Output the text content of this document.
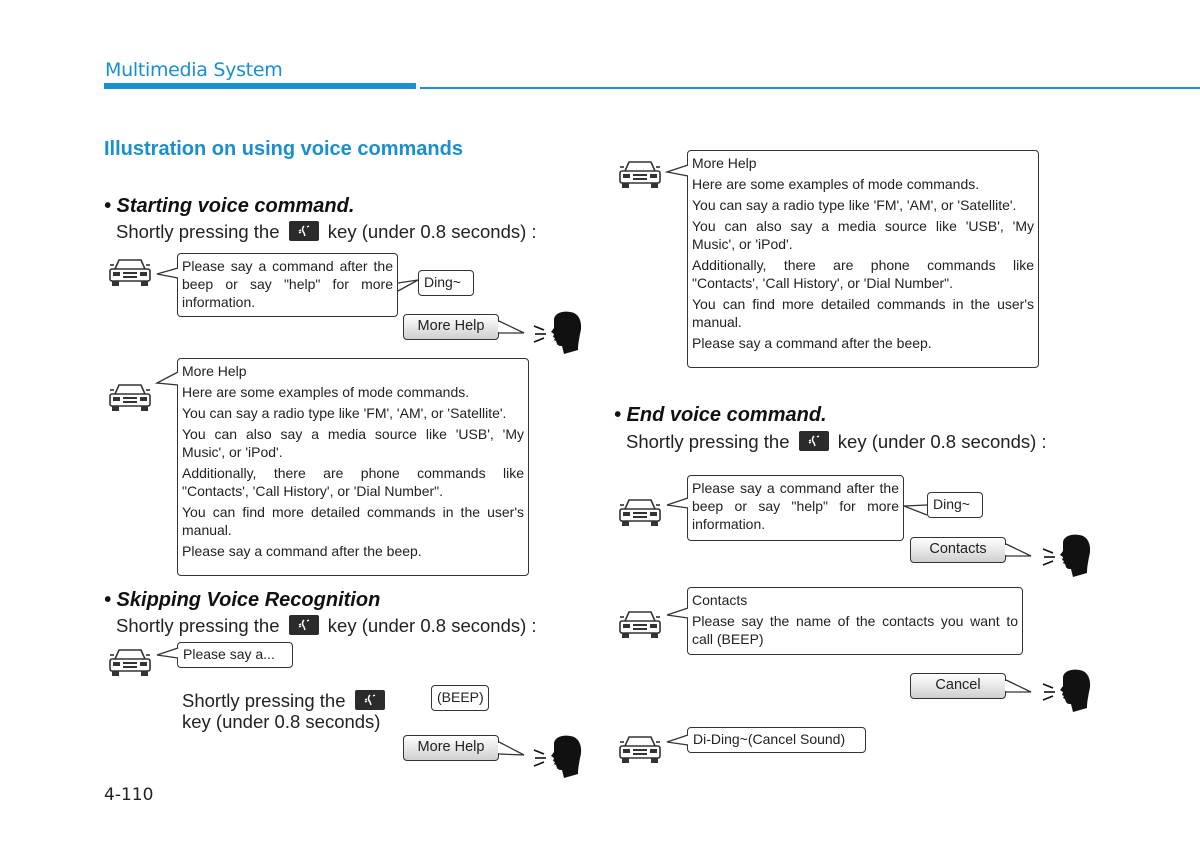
Multimedia System
Illustration on using voice commands
• Starting voice command.
Shortly pressing the	key (under 0.8 seconds) :

Please say a command after the beep or say "help" for more information.

Ding~
More Help

More Help

Here are some examples of mode commands.

You can say a radio type like 'FM', 'AM', or 'Satellite'.

You can also say a media source like 'USB', 'My Music', or 'iPod'.

Additionally, there are phone commands like "Contacts', 'Call History', or 'Dial Number".

You can find more detailed commands in the user's manual.

Please say a command after the beep.

• Skipping Voice Recognition
Shortly pressing the	key (under 0.8 seconds) :
Please say a...
Shortly pressing the
key (under 0.8 seconds)
(BEEP)
More Help
4-110

More Help

Here are some examples of mode commands.

You can say a radio type like 'FM', 'AM', or 'Satellite'.

You can also say a media source like 'USB', 'My Music', or 'iPod'.

Additionally, there are phone commands like "Contacts', 'Call History', or 'Dial Number".

You can find more detailed commands in the user's manual.

Please say a command after the beep.

• End voice command.
Shortly pressing the	key (under 0.8 seconds) :

Please say a command after the beep or say "help" for more information.

Ding~
Contacts

Contacts

Please say the name of the contacts you want to call (BEEP)

Cancel
Di-Ding~(Cancel Sound)
